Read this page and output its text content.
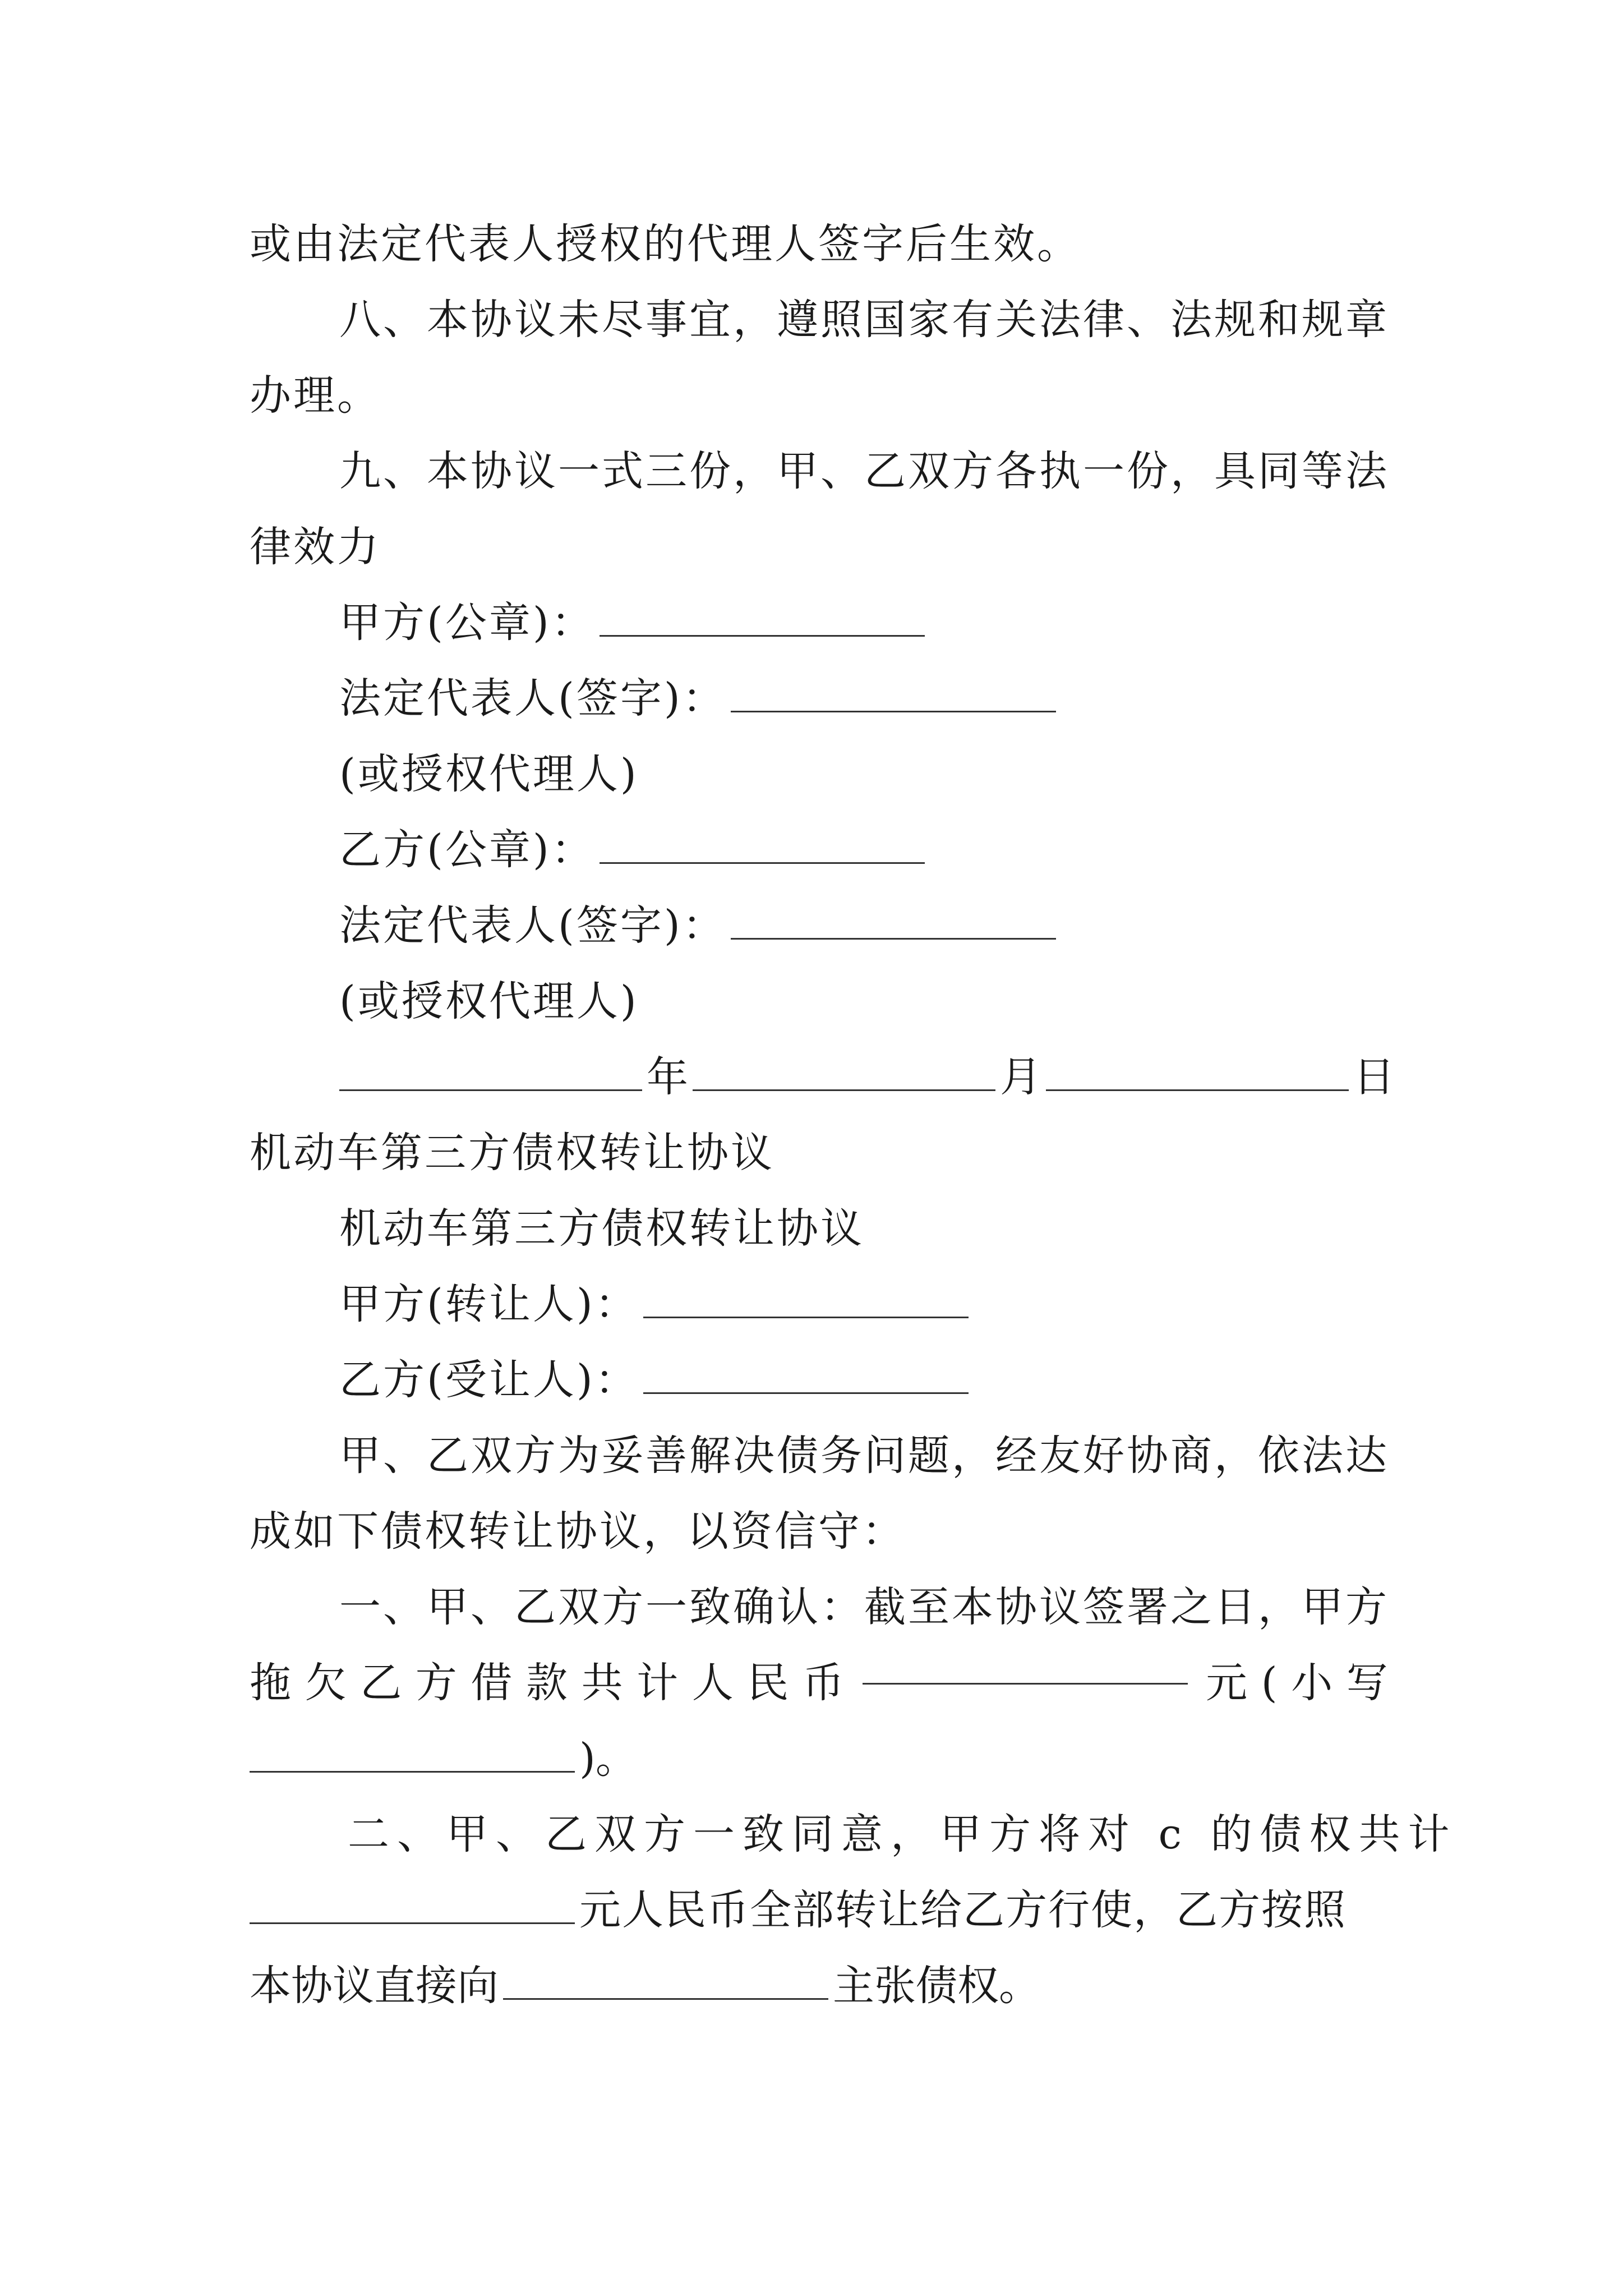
或由法定代表人授权的代理人签字后生效。
八、本协议未尽事宜，遵照国家有关法律、法规和规章
办理。
九、本协议一式三份，甲、乙双方各执一份，具同等法
律效力
甲方(公章)：
法定代表人(签字)：
(或授权代理人)
乙方(公章)：
法定代表人(签字)：
(或授权代理人)
年	月	日
机动车第三方债权转让协议
机动车第三方债权转让协议
甲方(转让人)：
乙方(受让人)：
甲、乙双方为妥善解决债务问题，经友好协商，依法达
成如下债权转让协议，以资信守：
一、甲、乙双方一致确认：截至本协议签署之日，甲方
拖 欠 乙 方 借 款 共 计 人 民 币	元 ( 小 写
)。
二、甲、乙双方一致同意，甲方将对 c 的债权共计
元人民币全部转让给乙方行使，乙方按照
本协议直接向	主张债权。
